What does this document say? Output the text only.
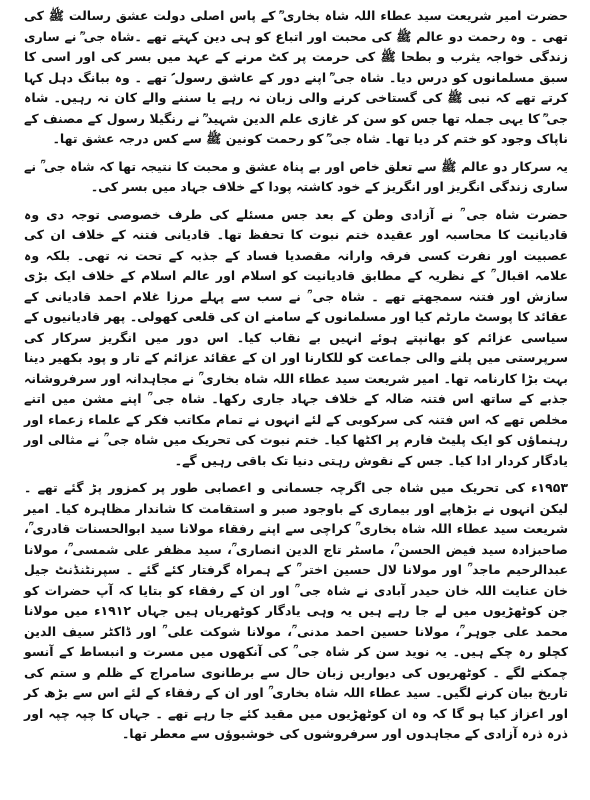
حضرت امیر شریعت سید عطاء اللہ شاہ بخاری ؒ کے پاس اصلی دولت عشق رسالت ﷺ کی تھی ۔ وہ رحمت دو عالم ﷺ کی محبت اور اتباع کو ہی دین کہتے تھے ۔شاہ جی ؒ نے ساری زندگی خواجہ یثرب و بطحا ﷺ کی حرمت پر کٹ مرنے کے عہد میں بسر کی اور اسی کا سبق مسلمانوں کو درس دیا۔ شاہ جی ؒ اپنے دور کے عاشق رسول ؐ تھے ۔ وہ ببانگ دہل کہا کرتے تھے کہ نبی ﷺ کی گستاخی کرنے والی زبان نہ رہے یا سننے والے کان نہ رہیں۔ شاہ جی ؒ کا یہی جملہ تھا جس کو سن کر غازی علم الدین شہید ؒ نے رنگیلا رسول کے مصنف کے ناپاک وجود کو ختم کر دیا تھا۔ شاہ جی ؒ کو رحمت کونین ﷺ سے کس درجہ عشق تھا۔

یہ سرکار دو عالم ﷺ سے تعلق خاص اور بے پناہ عشق و محبت کا نتیجہ تھا کہ شاہ جی ؒ نے ساری زندگی انگریز اور انگریز کے خود کاشتہ پودا کے خلاف جہاد میں بسر کی۔

حضرت شاہ جی ؒ نے آزادی وطن کے بعد جس مسئلے کی طرف خصوصی توجہ دی وہ قادیانیت کا محاسبہ اور عقیدہ ختم نبوت کا تحفظ تھا۔ قادیانی فتنہ کے خلاف ان کی عصبیت اور نفرت کسی فرقہ وارانہ مقصدیا فساد کے جذبہ کے تحت نہ تھی۔ بلکہ وہ علامہ اقبال ؒ کے نظریہ کے مطابق قادیانیت کو اسلام اور عالم اسلام کے خلاف ایک بڑی سازش اور فتنہ سمجھتے تھے ۔ شاہ جی ؒ نے سب سے پہلے مرزا غلام احمد قادیانی کے عقائد کا پوسٹ مارٹم کیا اور مسلمانوں کے سامنے ان کی قلعی کھولی۔ پھر قادیانیوں کے سیاسی عزائم کو بھانپتے ہوئے انہیں بے نقاب کیا۔ اس دور میں انگریز سرکار کی سرپرستی میں پلنے والی جماعت کو للکارنا اور ان کے عقائد عزائم کے تار و پود بکھیر دینا بہت بڑا کارنامہ تھا۔ امیر شریعت سید عطاء اللہ شاہ بخاری ؒ نے مجاہدانہ اور سرفروشانہ جذبے کے ساتھ اس فتنہ ضالہ کے خلاف جہاد جاری رکھا۔ شاہ جی ؒ اپنے مشن میں اتنے مخلص تھے کہ اس فتنہ کی سرکوبی کے لئے انہوں نے تمام مکاتب فکر کے علماء زعماء اور رہنماؤں کو ایک پلیٹ فارم پر اکٹھا کیا۔ ختم نبوت کی تحریک میں شاہ جی ؒ نے مثالی اور یادگار کردار ادا کیا۔ جس کے نقوش رہتی دنیا تک باقی رہیں گے۔

۱۹۵۳ء کی تحریک میں شاہ جی اگرچہ جسمانی و اعصابی طور پر کمزور پڑ گئے تھے ۔ لیکن انہوں نے بڑھاپے اور بیماری کے باوجود صبر و استقامت کا شاندار مظاہرہ کیا۔ امیر شریعت سید عطاء اللہ شاہ بخاری ؒ کراچی سے اپنے رفقاء مولانا سید ابوالحسنات قادری ؒ، صاحبزادہ سید فیض الحسن ؒ، ماسٹر تاج الدین انصاری ؒ، سید مظفر علی شمسی ؒ، مولانا عبدالرحیم ماجد ؒ اور مولانا لال حسین اختر ؒ کے ہمراہ گرفتار کئے گئے ۔ سپرنٹنڈنٹ جیل خان عنایت اللہ خان حیدر آبادی نے شاہ جی ؒ اور ان کے رفقاء کو بتایا کہ آپ حضرات کو جن کوٹھڑیوں میں لے جا رہے ہیں یہ وہی یادگار کوٹھریاں ہیں جہاں ۱۹۱۲ء میں مولانا محمد علی جوہر ؒ، مولانا حسین احمد مدنی ؒ، مولانا شوکت علی ؒ اور ڈاکٹر سیف الدین کچلو رہ چکے ہیں۔ یہ نوید سن کر شاہ جی ؒ کی آنکھوں میں مسرت و انبساط کے آنسو چمکنے لگے ۔ کوٹھریوں کی دیواریں زبان حال سے برطانوی سامراج کے ظلم و ستم کی تاریخ بیان کرنے لگیں۔ سید عطاء اللہ شاہ بخاری ؒ اور ان کے رفقاء کے لئے اس سے بڑھ کر اور اعزاز کیا ہو گا کہ وہ ان کوٹھڑیوں میں مقید کئے جا رہے تھے ۔ جہاں کا چپہ چپہ اور ذرہ ذرہ آزادی کے مجاہدوں اور سرفروشوں کی خوشبوؤں سے معطر تھا۔
